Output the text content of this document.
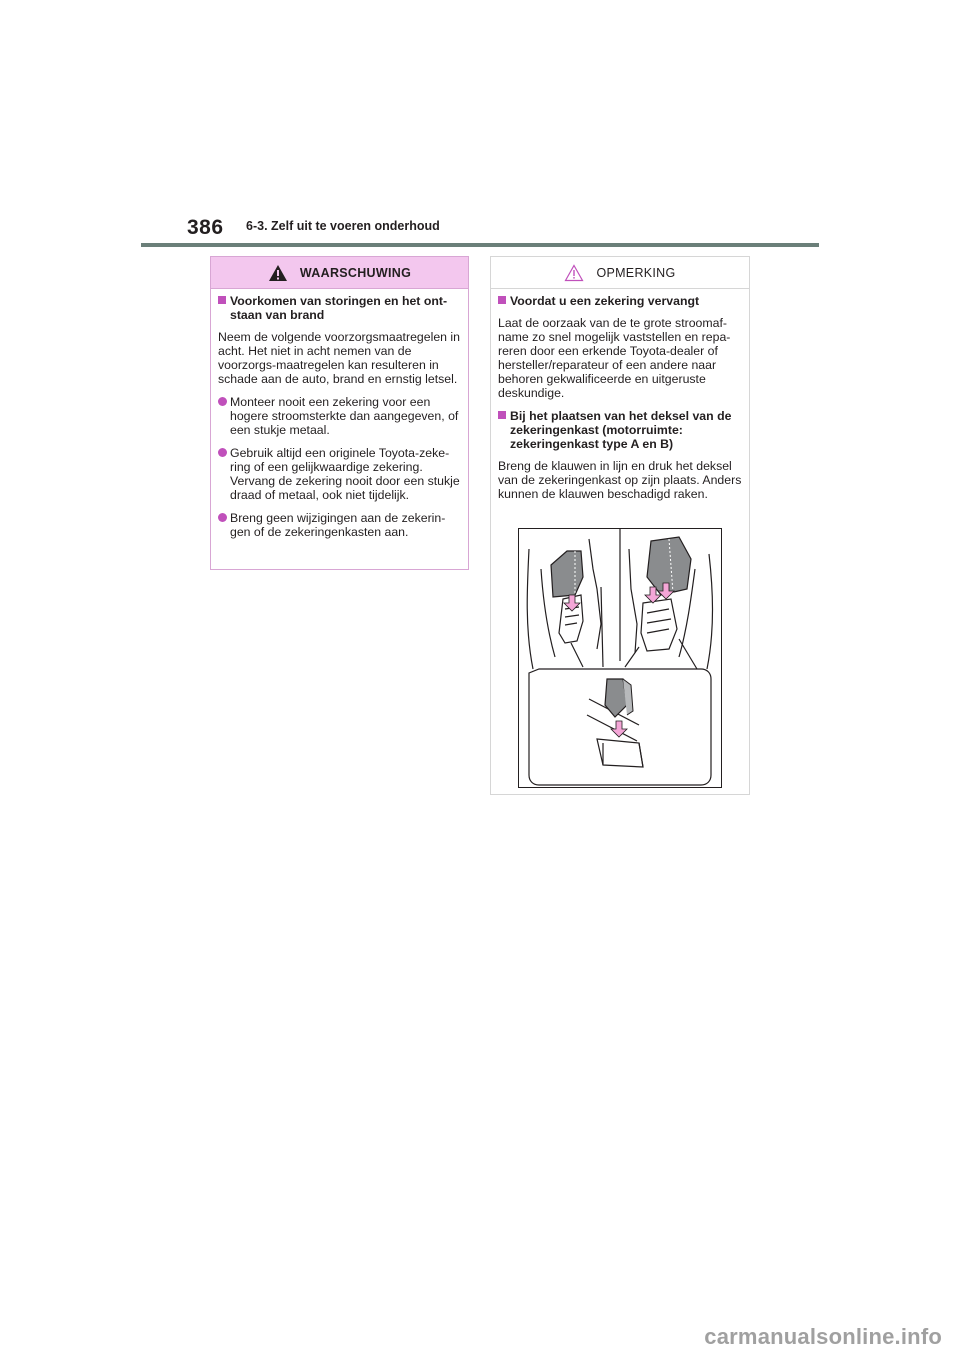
386 6-3. Zelf uit te voeren onderhoud
WAARSCHUWING
Voorkomen van storingen en het ont-staan van brand

Neem de volgende voorzorgsmaatregelen in acht. Het niet in acht nemen van de voorzorgs-maatregelen kan resulteren in schade aan de auto, brand en ernstig letsel.

Monteer nooit een zekering voor een hogere stroomsterkte dan aangegeven, of een stukje metaal.
Gebruik altijd een originele Toyota-zeke-ring of een gelijkwaardige zekering. Vervang de zekering nooit door een stukje draad of metaal, ook niet tijdelijk.
Breng geen wijzigingen aan de zekerin-gen of de zekeringenkasten aan.
OPMERKING
Voordat u een zekering vervangt

Laat de oorzaak van de te grote stroomaf-name zo snel mogelijk vaststellen en repa-reren door een erkende Toyota-dealer of hersteller/reparateur of een andere naar behoren gekwalificeerde en uitgeruste deskundige.

Bij het plaatsen van het deksel van de zekeringenkast (motorruimte: zekeringenkast type A en B)

Breng de klauwen in lijn en druk het deksel van de zekeringenkast op zijn plaats. Anders kunnen de klauwen beschadigd raken.

carmanualsonline.info
